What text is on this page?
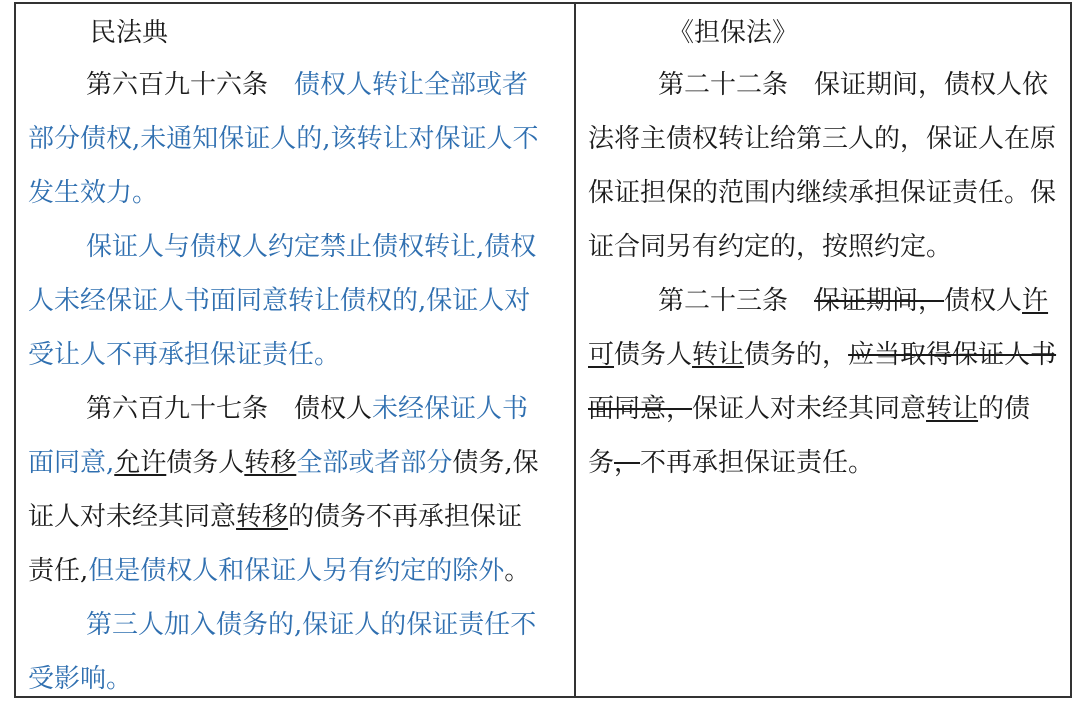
民法典
第六百九十六条 债权人转让全部或者
部分债权,未通知保证人的,该转让对保证人不
发生效力。
保证人与债权人约定禁止债权转让,债权
人未经保证人书面同意转让债权的,保证人对
受让人不再承担保证责任。
第六百九十七条 债权人未经保证人书
面同意,允许债务人转移全部或者部分债务,保
证人对未经其同意转移的债务不再承担保证
责任,但是债权人和保证人另有约定的除外。
第三人加入债务的,保证人的保证责任不
受影响。
《担保法》
第二十二条　保证期间，债权人依
法将主债权转让给第三人的，保证人在原
保证担保的范围内继续承担保证责任。保
证合同另有约定的，按照约定。
第二十三条 保证期间，债权人许
可债务人转让债务的，应当取得保证人书
面同意，保证人对未经其同意转让的债
务，不再承担保证责任。
